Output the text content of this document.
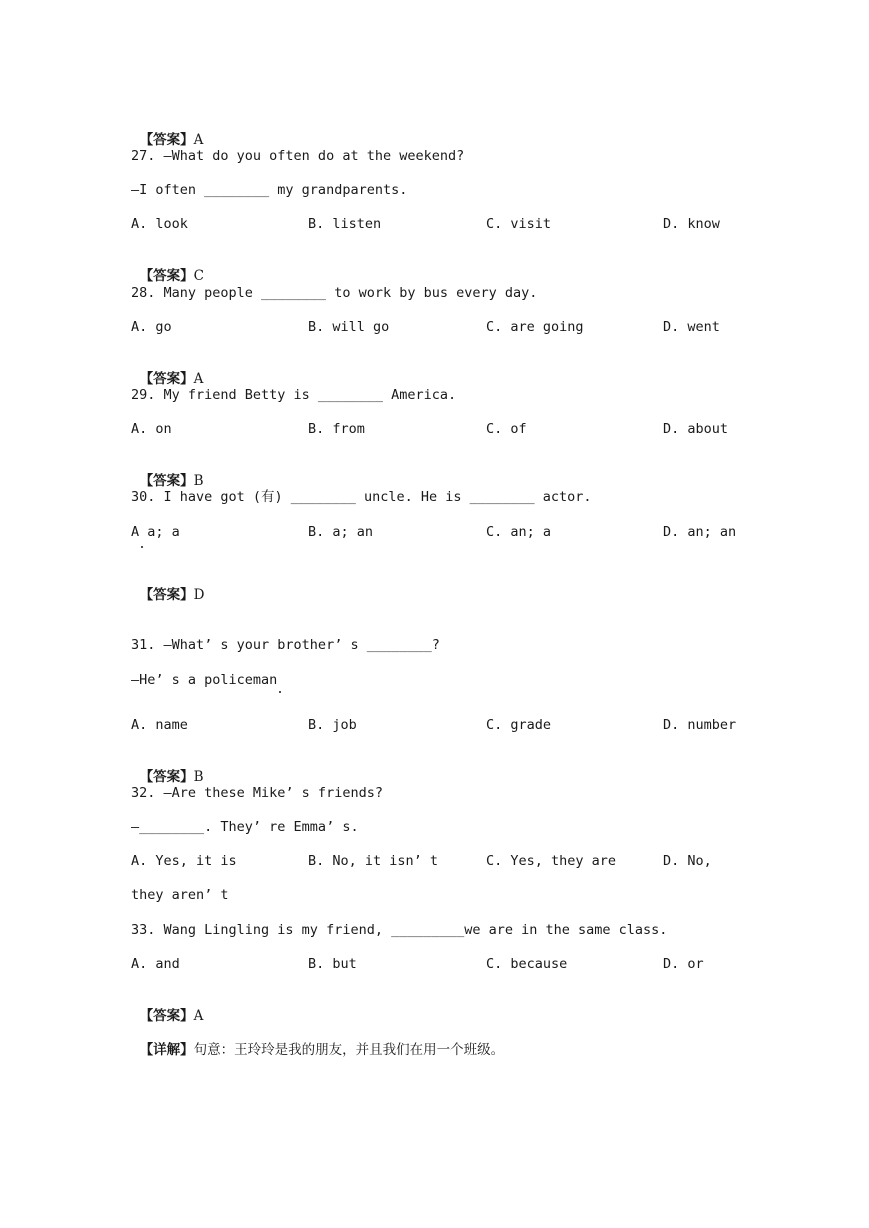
【答案】A

27. —What do you often do at the weekend?
—I often ________ my grandparents.
A. look	B. listen	C. visit	D. know

【答案】C

28. Many people ________ to work by bus every day.
A. go	B. will go	C. are going	D. went

【答案】A

29. My friend Betty is ________ America.
A. on	B. from	C. of	D. about

【答案】B

30. I have got (有) ________ uncle. He is ________ actor.
A a; a	B. a; an	C. an; a	D. an; an

【答案】D

31. —What’ s your brother’ s ________?
—He’ s a policeman
A. name	B. job	C. grade	D. number

【答案】B

32. —Are these Mike’ s friends?
—________. They’ re Emma’ s.
A. Yes, it is	B. No, it isn’ t	C. Yes, they are	D. No,
they aren’ t
33. Wang Lingling is my friend, _________we are in the same class.
A. and	B. but	C. because	D. or

【答案】A

【详解】句意：王玲玲是我的朋友，并且我们在用一个班级。
